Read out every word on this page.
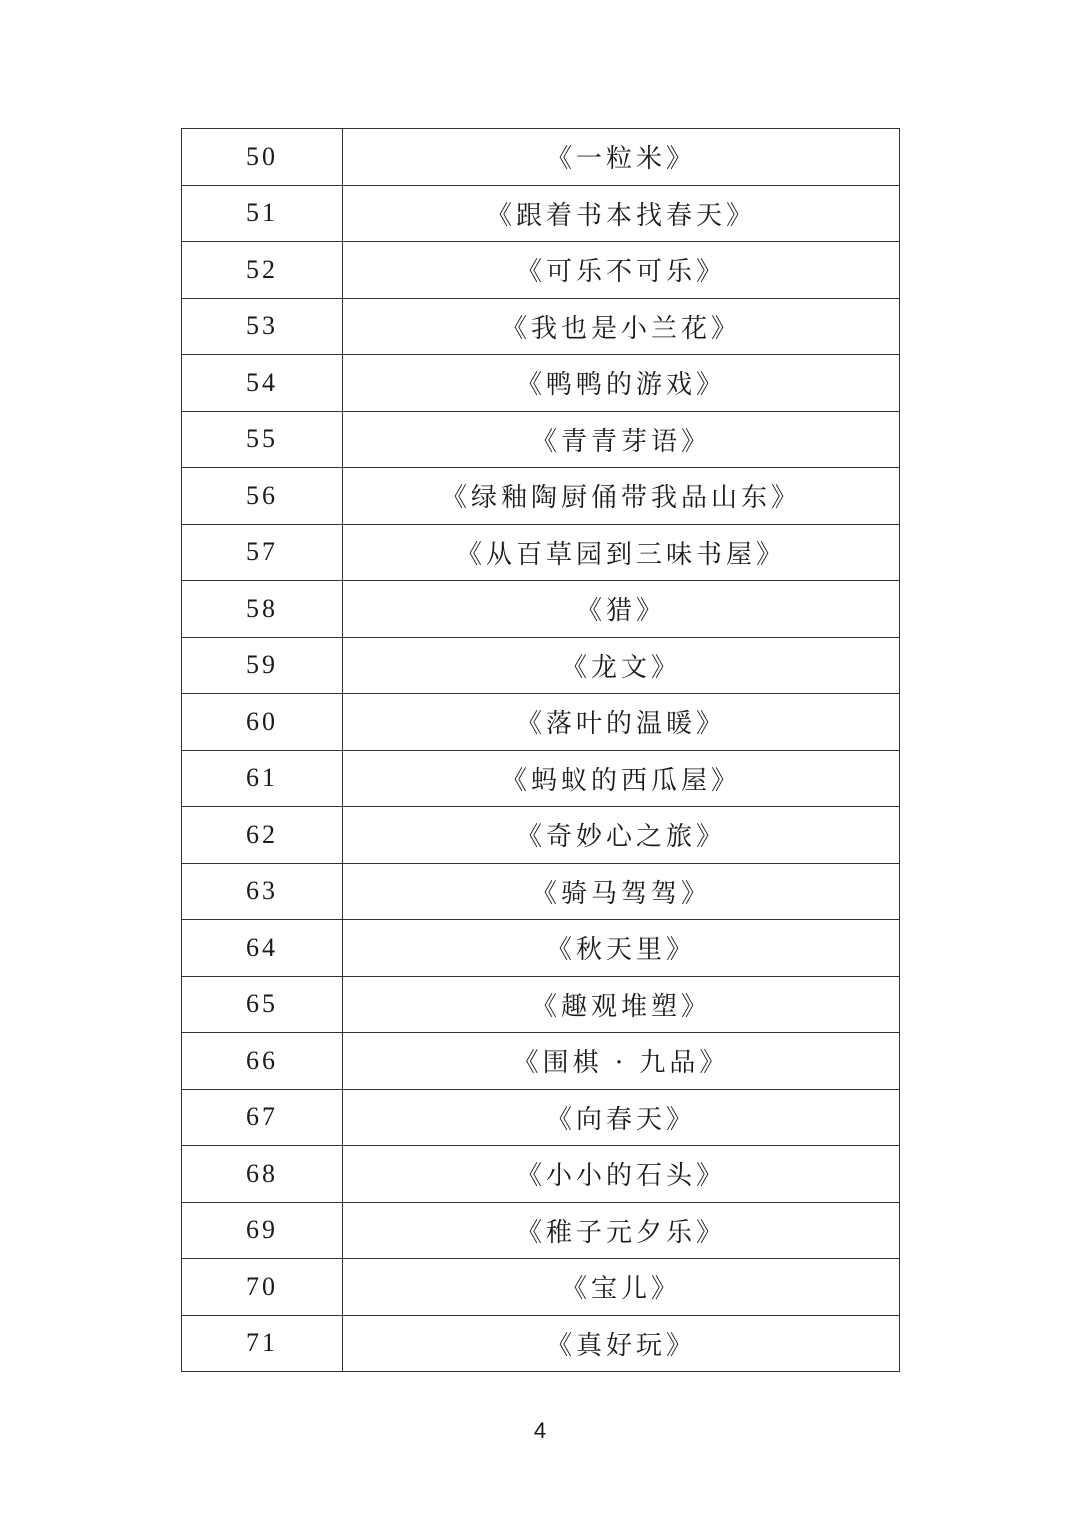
50	《一粒米》
51	《跟着书本找春天》
52	《可乐不可乐》
53	《我也是小兰花》
54	《鸭鸭的游戏》
55	《青青芽语》
56	《绿釉陶厨俑带我品山东》
57	《从百草园到三味书屋》
58	《猎》
59	《龙文》
60	《落叶的温暖》
61	《蚂蚁的西瓜屋》
62	《奇妙心之旅》
63	《骑马驾驾》
64	《秋天里》
65	《趣观堆塑》
66	《围棋 · 九品》
67	《向春天》
68	《小小的石头》
69	《稚子元夕乐》
70	《宝儿》
71	《真好玩》
4
